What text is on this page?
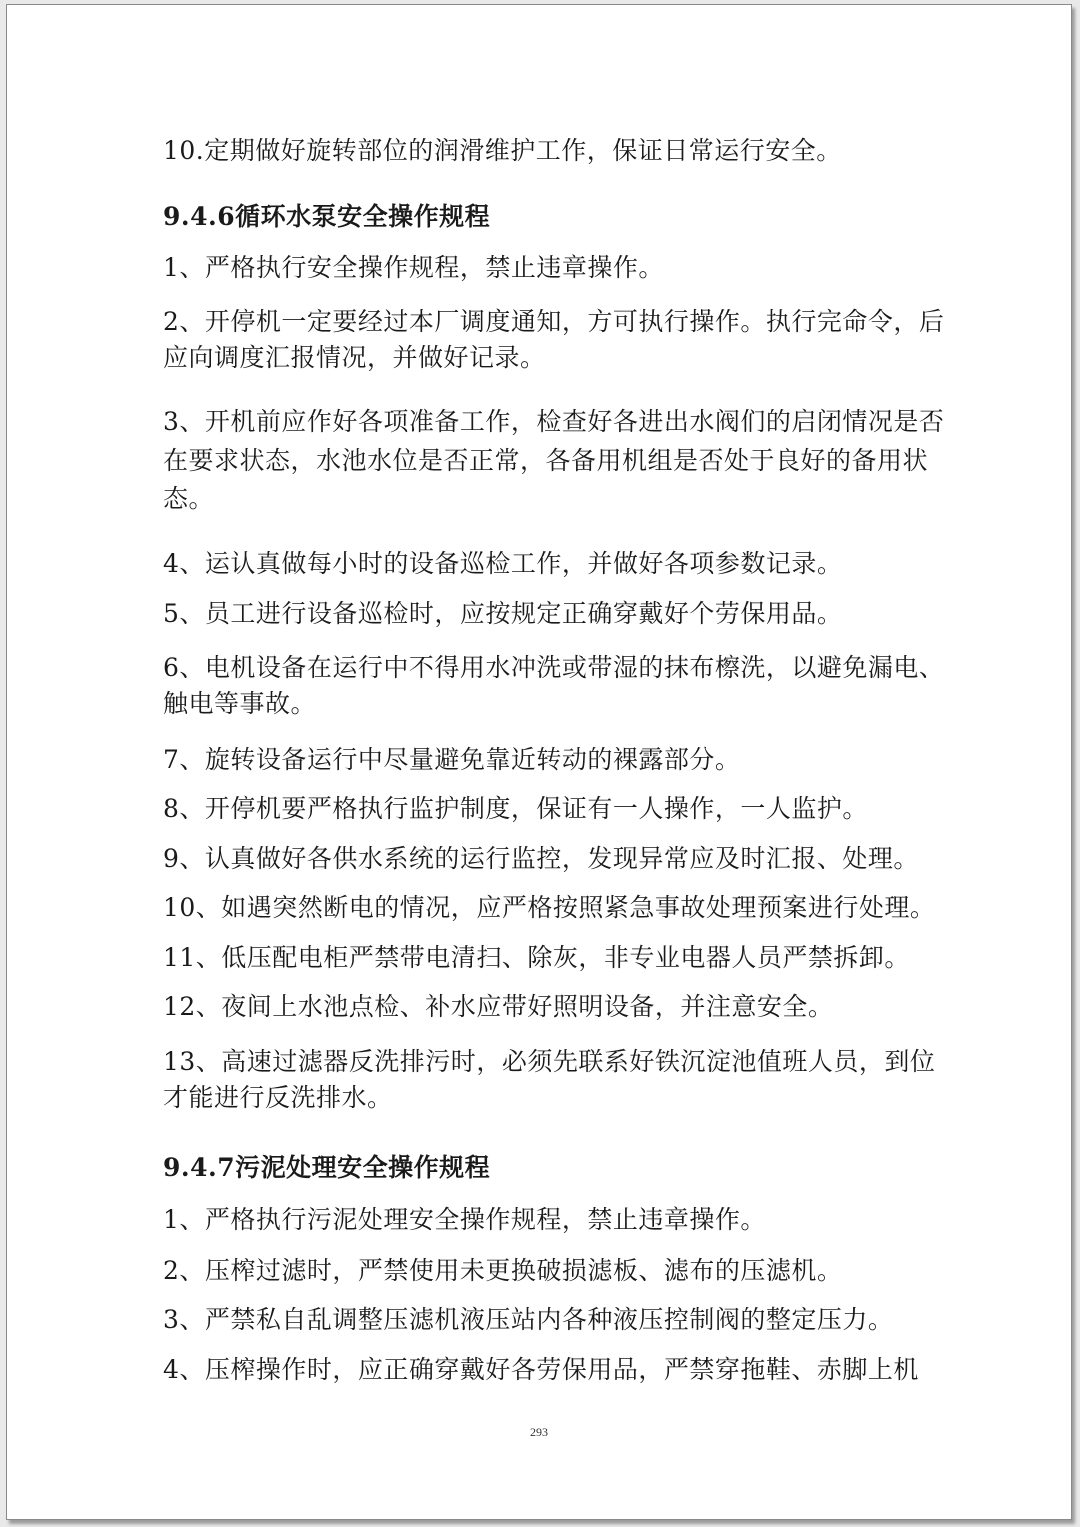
10.定期做好旋转部位的润滑维护工作，保证日常运行安全。

9.4.6循环水泵安全操作规程

1、严格执行安全操作规程，禁止违章操作。

2、开停机一定要经过本厂调度通知，方可执行操作。执行完命令，后

应向调度汇报情况，并做好记录。

3、开机前应作好各项准备工作，检查好各进出水阀们的启闭情况是否

在要求状态，水池水位是否正常，各备用机组是否处于良好的备用状

态。

4、运认真做每小时的设备巡检工作，并做好各项参数记录。

5、员工进行设备巡检时，应按规定正确穿戴好个劳保用品。

6、电机设备在运行中不得用水冲洗或带湿的抹布檫洗，以避免漏电、

触电等事故。

7、旋转设备运行中尽量避免靠近转动的裸露部分。

8、开停机要严格执行监护制度，保证有一人操作，一人监护。

9、认真做好各供水系统的运行监控，发现异常应及时汇报、处理。

10、如遇突然断电的情况，应严格按照紧急事故处理预案进行处理。

11、低压配电柜严禁带电清扫、除灰，非专业电器人员严禁拆卸。

12、夜间上水池点检、补水应带好照明设备，并注意安全。

13、高速过滤器反洗排污时，必须先联系好铁沉淀池值班人员，到位

才能进行反洗排水。

9.4.7污泥处理安全操作规程

1、严格执行污泥处理安全操作规程，禁止违章操作。

2、压榨过滤时，严禁使用未更换破损滤板、滤布的压滤机。

3、严禁私自乱调整压滤机液压站内各种液压控制阀的整定压力。

4、压榨操作时，应正确穿戴好各劳保用品，严禁穿拖鞋、赤脚上机

293
